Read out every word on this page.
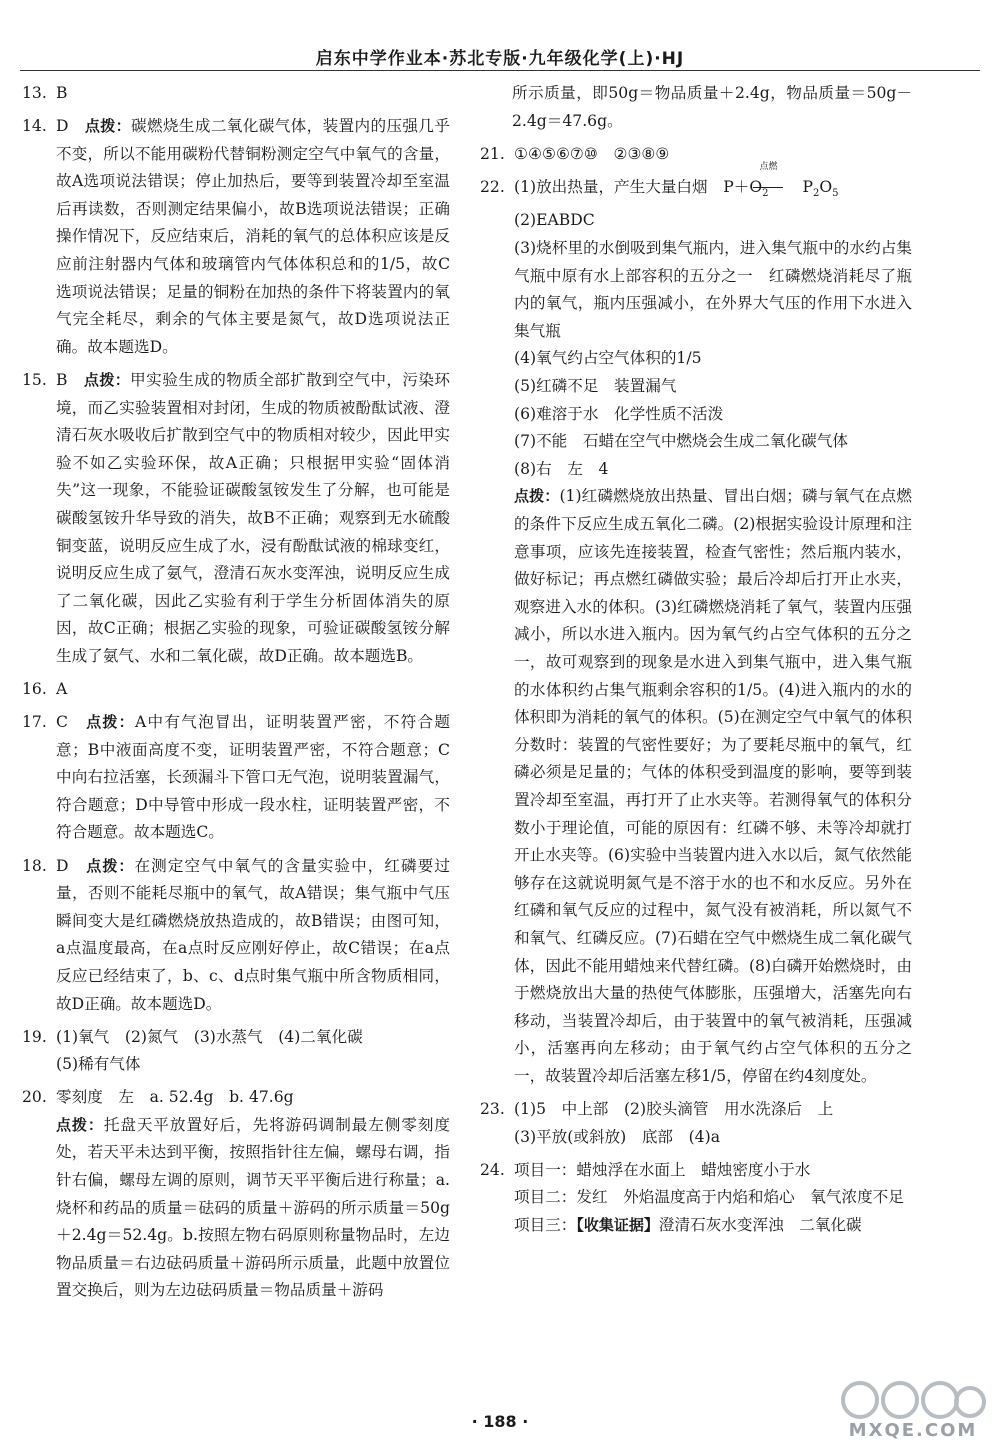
启东中学作业本·苏北专版·九年级化学(上)·HJ
13. B
14. D　 点拨：碳燃烧生成二氧化碳气体，装置内的压强几乎不变，所以不能用碳粉代替铜粉测定空气中氧气的含量，故A选项说法错误；停止加热后，要等到装置冷却至室温后再读数，否则测定结果偏小，故B选项说法错误；正确操作情况下，反应结束后，消耗的氧气的总体积应该是反应前注射器内气体和玻璃管内气体体积总和的1/5，故C选项说法错误；足量的铜粉在加热的条件下将装置内的氧气完全耗尽，剩余的气体主要是氮气，故D选项说法正确。故本题选D。
15. B　 点拨：甲实验生成的物质全部扩散到空气中，污染环境，而乙实验装置相对封闭，生成的物质被酚酞试液、澄清石灰水吸收后扩散到空气中的物质相对较少，因此甲实验不如乙实验环保，故A正确；只根据甲实验“固体消失”这一现象，不能验证碳酸氢铵发生了分解，也可能是碳酸氢铵升华导致的消失，故B不正确；观察到无水硫酸铜变蓝，说明反应生成了水，浸有酚酞试液的棉球变红，说明反应生成了氨气，澄清石灰水变浑浊，说明反应生成了二氧化碳，因此乙实验有利于学生分析固体消失的原因，故C正确；根据乙实验的现象，可验证碳酸氢铵分解生成了氨气、水和二氧化碳，故D正确。故本题选B。
16. A
17. C　 点拨：A中有气泡冒出，证明装置严密，不符合题意；B中液面高度不变，证明装置严密，不符合题意；C中向右拉活塞，长颈漏斗下管口无气泡，说明装置漏气，符合题意；D中导管中形成一段水柱，证明装置严密，不符合题意。故本题选C。
18. D　 点拨：在测定空气中氧气的含量实验中，红磷要过量，否则不能耗尽瓶中的氧气，故A错误；集气瓶中气压瞬间变大是红磷燃烧放热造成的，故B错误；由图可知，a点温度最高，在a点时反应刚好停止，故C错误；在a点反应已经结束了，b、c、d点时集气瓶中所含物质相同，故D正确。故本题选D。
19. (1)氧气　(2)氮气　(3)水蒸气　(4)二氧化碳
(5)稀有气体
20. 零刻度　左　a. 52.4g　b. 47.6g
点拨：托盘天平放置好后，先将游码调制最左侧零刻度处，若天平未达到平衡，按照指针往左偏，螺母右调，指针右偏，螺母左调的原则，调节天平平衡后进行称量；a.烧杯和药品的质量＝砝码的质量＋游码的所示质量＝50g＋2.4g＝52.4g。b.按照左物右码原则称量物品时，左边物品质量＝右边砝码质量＋游码所示质量，此题中放置位置交换后，则为左边砝码质量＝物品质量＋游码
所示质量，即50g＝物品质量＋2.4g，物品质量＝50g－2.4g＝47.6g。
21. ①④⑤⑥⑦⑩　②③⑧⑨
22. (1)放出热量，产生大量白烟　 $P+O_2$
点燃
$P_2O_5$
(2)EABDC
(3)烧杯里的水倒吸到集气瓶内，进入集气瓶中的水约占集气瓶中原有水上部容积的五分之一　红磷燃烧消耗尽了瓶内的氧气，瓶内压强减小，在外界大气压的作用下水进入集气瓶
(4)氧气约占空气体积的1/5
(5)红磷不足　装置漏气
(6)难溶于水　化学性质不活泼
(7)不能　石蜡在空气中燃烧会生成二氧化碳气体
(8)右　左　4
点拨：(1)红磷燃烧放出热量、冒出白烟；磷与氧气在点燃的条件下反应生成五氧化二磷。(2)根据实验设计原理和注意事项，应该先连接装置，检查气密性；然后瓶内装水，做好标记；再点燃红磷做实验；最后冷却后打开止水夹，观察进入水的体积。(3)红磷燃烧消耗了氧气，装置内压强减小，所以水进入瓶内。因为氧气约占空气体积的五分之一，故可观察到的现象是水进入到集气瓶中，进入集气瓶的水体积约占集气瓶剩余容积的1/5。(4)进入瓶内的水的体积即为消耗的氧气的体积。(5)在测定空气中氧气的体积分数时：装置的气密性要好；为了要耗尽瓶中的氧气，红磷必须是足量的；气体的体积受到温度的影响，要等到装置冷却至室温，再打开了止水夹等。若测得氧气的体积分数小于理论值，可能的原因有：红磷不够、未等冷却就打开止水夹等。(6)实验中当装置内进入水以后，氮气依然能够存在这就说明氮气是不溶于水的也不和水反应。另外在红磷和氧气反应的过程中，氮气没有被消耗，所以氮气不和氧气、红磷反应。(7)石蜡在空气中燃烧生成二氧化碳气体，因此不能用蜡烛来代替红磷。(8)白磷开始燃烧时，由于燃烧放出大量的热使气体膨胀，压强增大，活塞先向右移动，当装置冷却后，由于装置中的氧气被消耗，压强减小，活塞再向左移动；由于氧气约占空气体积的五分之一，故装置冷却后活塞左移1/5，停留在约4刻度处。
23. (1)5　中上部　(2)胶头滴管　用水洗涤后　上
(3)平放(或斜放)　底部　(4)a
24. 项目一：蜡烛浮在水面上　蜡烛密度小于水
项目二：发红　外焰温度高于内焰和焰心　氧气浓度不足
项目三：【收集证据】澄清石灰水变浑浊　二氧化碳
· 188 ·	MXQE.COM
